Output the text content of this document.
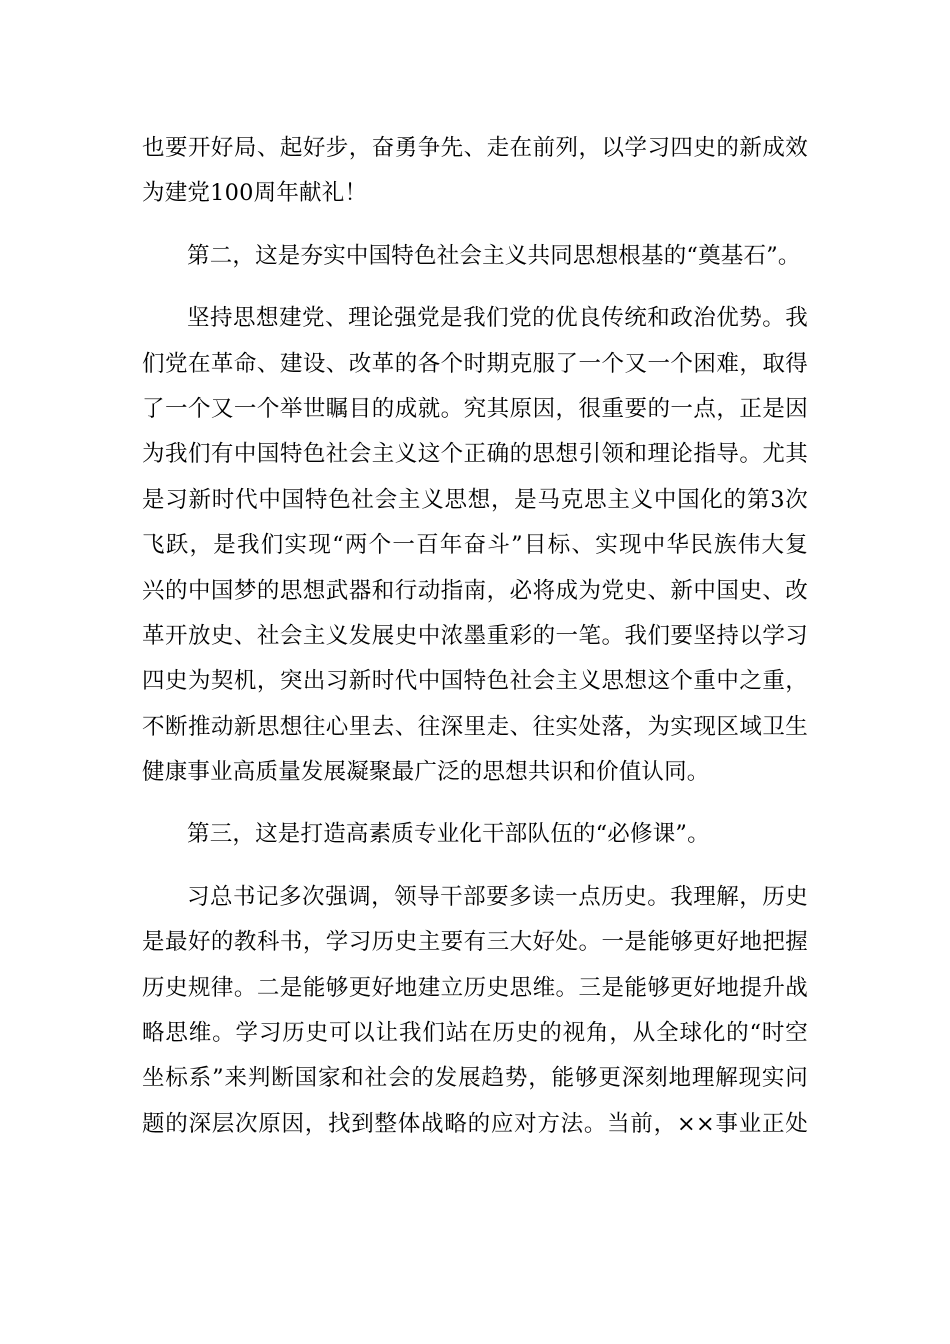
也要开好局、起好步，奋勇争先、走在前列，以学习四史的新成效
为建党100周年献礼！
第二，这是夯实中国特色社会主义共同思想根基的“奠基石”。
坚持思想建党、理论强党是我们党的优良传统和政治优势。我
们党在革命、建设、改革的各个时期克服了一个又一个困难，取得
了一个又一个举世瞩目的成就。究其原因，很重要的一点，正是因
为我们有中国特色社会主义这个正确的思想引领和理论指导。尤其
是习新时代中国特色社会主义思想，是马克思主义中国化的第3次
飞跃，是我们实现“两个一百年奋斗”目标、实现中华民族伟大复
兴的中国梦的思想武器和行动指南，必将成为党史、新中国史、改
革开放史、社会主义发展史中浓墨重彩的一笔。我们要坚持以学习
四史为契机，突出习新时代中国特色社会主义思想这个重中之重，
不断推动新思想往心里去、往深里走、往实处落，为实现区域卫生
健康事业高质量发展凝聚最广泛的思想共识和价值认同。
第三，这是打造高素质专业化干部队伍的“必修课”。
习总书记多次强调，领导干部要多读一点历史。我理解，历史
是最好的教科书，学习历史主要有三大好处。一是能够更好地把握
历史规律。二是能够更好地建立历史思维。三是能够更好地提升战
略思维。学习历史可以让我们站在历史的视角，从全球化的“时空
坐标系”来判断国家和社会的发展趋势，能够更深刻地理解现实问
题的深层次原因，找到整体战略的应对方法。当前，××事业正处
